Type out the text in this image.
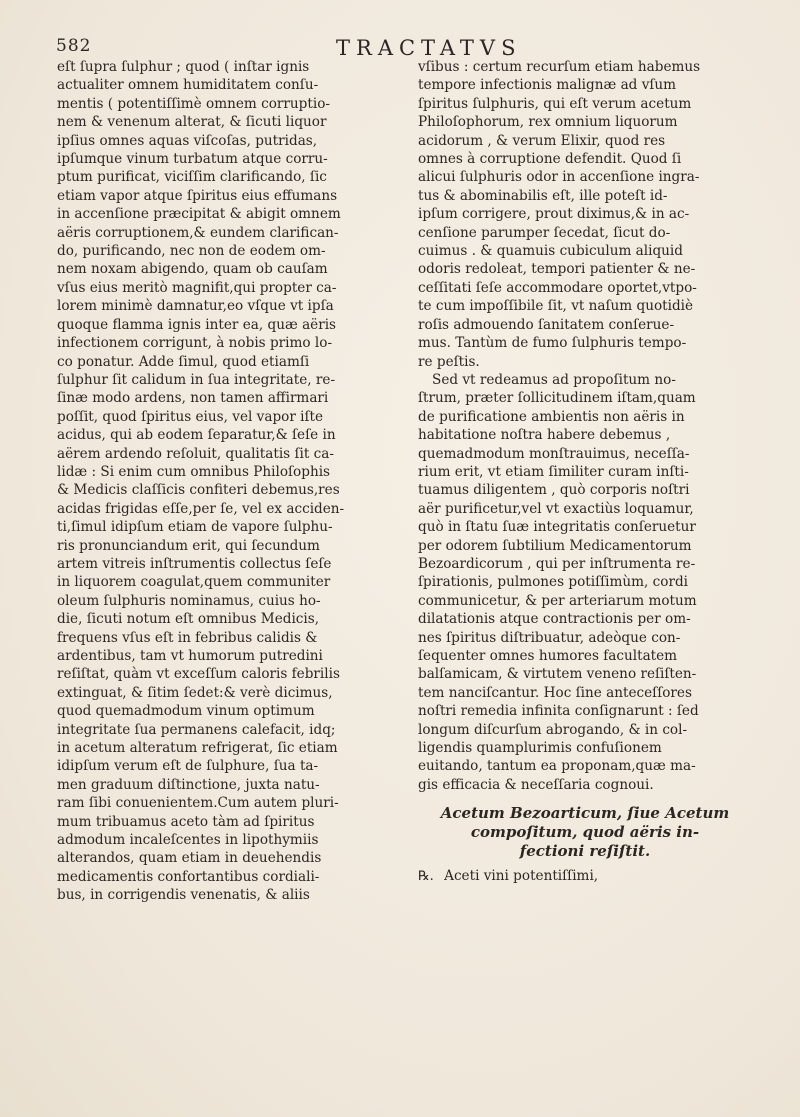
582	TRACTATVS
eſt ſupra ſulphur ; quod ( inſtar ignis
actualiter omnem humiditatem conſu-
mentis ( potentiſſimè omnem corruptio-
nem & venenum alterat, & ſicuti liquor
ipſius omnes aquas viſcoſas, putridas,
ipſumque vinum turbatum atque corru-
ptum purificat, viciſſim clarificando, ſic
etiam vapor atque ſpiritus eius effumans
in accenſione præcipitat & abigit omnem
aëris corruptionem,& eundem clarifican-
do, purificando, nec non de eodem om-
nem noxam abigendo, quam ob cauſam
vſus eius meritò magnifit,qui propter ca-
lorem minimè damnatur,eo vſque vt ipſa
quoque flamma ignis inter ea, quæ aëris
infectionem corrigunt, à nobis primo lo-
co ponatur. Adde ſimul, quod etiamſi
ſulphur ſit calidum in ſua integritate, re-
ſinæ modo ardens, non tamen affirmari
poſſit, quod ſpiritus eius, vel vapor iſte
acidus, qui ab eodem ſeparatur,& ſeſe in
aërem ardendo reſoluit, qualitatis ſit ca-
lidæ : Si enim cum omnibus Philoſophis
& Medicis claſſicis confiteri debemus,res
acidas frigidas eſſe,per ſe, vel ex acciden-
ti,ſimul idipſum etiam de vapore ſulphu-
ris pronunciandum erit, qui ſecundum
artem vitreis inſtrumentis collectus ſeſe
in liquorem coagulat,quem communiter
oleum ſulphuris nominamus, cuius ho-
die, ſicuti notum eſt omnibus Medicis,
frequens vſus eſt in febribus calidis &
ardentibus, tam vt humorum putredini
reſiſtat, quàm vt exceſſum caloris febrilis
extinguat, & ſitim ſedet:& verè dicimus,
quod quemadmodum vinum optimum
integritate ſua permanens calefacit, idq;
in acetum alteratum refrigerat, ſic etiam
idipſum verum eſt de ſulphure, ſua ta-
men graduum diſtinctione, juxta natu-
ram ſibi conuenientem.Cum autem pluri-
mum tribuamus aceto tàm ad ſpiritus
admodum incaleſcentes in lipothymiis
alterandos, quam etiam in deuehendis
medicamentis confortantibus cordiali-
bus, in corrigendis venenatis, & aliis
vſibus : certum recurſum etiam habemus
tempore infectionis malignæ ad vſum
ſpiritus ſulphuris, qui eſt verum acetum
Philoſophorum, rex omnium liquorum
acidorum , & verum Elixir, quod res
omnes à corruptione defendit. Quod ſi
alicui ſulphuris odor in accenſione ingra-
tus & abominabilis eſt, ille poteſt id-
ipſum corrigere, prout diximus,& in ac-
cenſione parumper ſecedat, ſicut do-
cuimus . & quamuis cubiculum aliquid
odoris redoleat, tempori patienter & ne-
ceſſitati ſeſe accommodare oportet,vtpo-
te cum impoſſibile ſit, vt naſum quotidiè
roſis admouendo ſanitatem conſerue-
mus. Tantùm de fumo ſulphuris tempo-
re peſtis.
Sed vt redeamus ad propoſitum no-
ſtrum, præter ſollicitudinem iſtam,quam
de purificatione ambientis non aëris in
habitatione noſtra habere debemus ,
quemadmodum monſtrauimus, neceſſa-
rium erit, vt etiam ſimiliter curam inſti-
tuamus diligentem , quò corporis noſtri
aër purificetur,vel vt exactiùs loquamur,
quò in ſtatu ſuæ integritatis conſeruetur
per odorem ſubtilium Medicamentorum
Bezoardicorum , qui per inſtrumenta re-
ſpirationis, pulmones potiſſimùm, cordi
communicetur, & per arteriarum motum
dilatationis atque contractionis per om-
nes ſpiritus diſtribuatur, adeòque con-
ſequenter omnes humores facultatem
balſamicam, & virtutem veneno reſiſten-
tem nanciſcantur. Hoc ſine anteceſſores
noſtri remedia infinita conſignarunt : ſed
longum diſcurſum abrogando, & in col-
ligendis quamplurimis confuſionem
euitando, tantum ea proponam,quæ ma-
gis efficacia & neceſſaria cognoui.
Acetum Bezoarticum, ſiue Acetum
compoſitum, quod aëris in-
fectioni reſiſtit.
℞. Aceti vini potentiſſimi,
